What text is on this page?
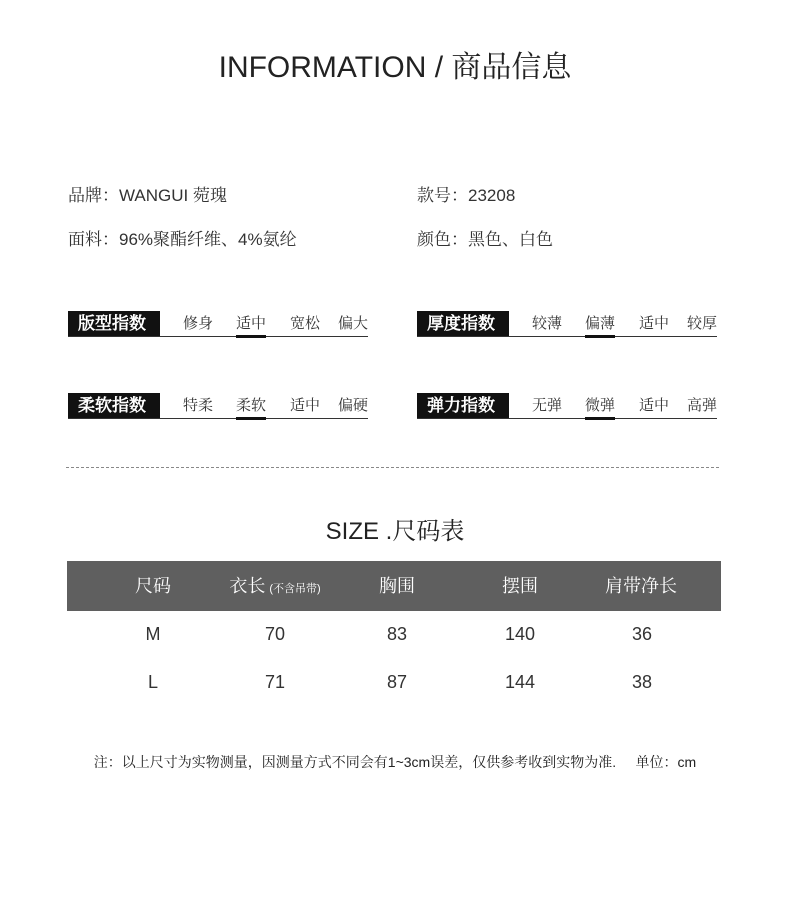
INFORMATION / 商品信息
品牌：WANGUI 菀瑰	款号：23208
面料：96%聚酯纤维、4%氨纶	颜色：黑色、白色
版型指数	修身 适中 宽松 偏大	厚度指数	较薄 偏薄 适中 较厚
柔软指数	特柔 柔软 适中 偏硬	弹力指数	无弹 微弹 适中 高弹
SIZE .尺码表
尺码	衣长 (不含吊带)	胸围	摆围	肩带净长
M	70	83	140	36
L	71	87	144	38
注：以上尺寸为实物测量，因测量方式不同会有1~3cm误差，仅供参考收到实物为准.     单位：cm
